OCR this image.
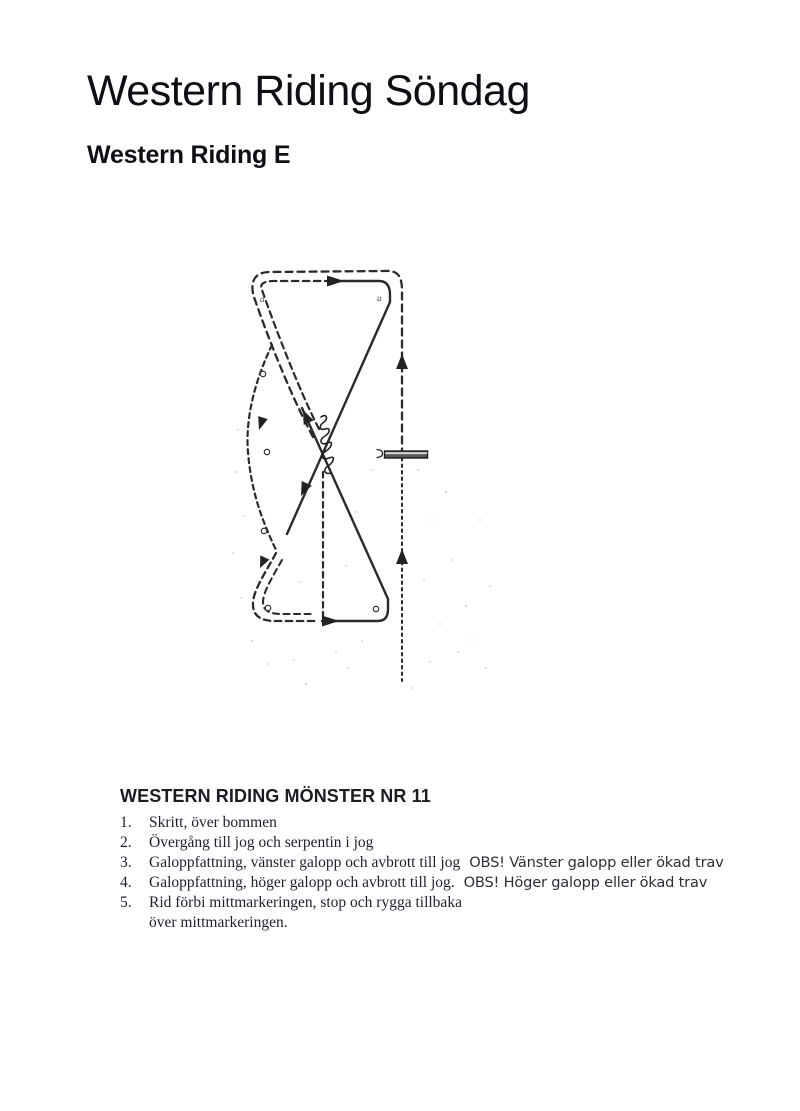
Western Riding Söndag
Western Riding E
a	u
WESTERN RIDING MÖNSTER NR 11
1.	Skritt, över bommen
2.	Övergång till jog och serpentin i jog
3.	Galoppfattning, vänster galopp och avbrott till jog OBS! Vänster galopp eller ökad trav
4.	Galoppfattning, höger galopp och avbrott till jog. OBS! Höger galopp eller ökad trav
5.	Rid förbi mittmarkeringen, stop och rygga tillbaka
över mittmarkeringen.
